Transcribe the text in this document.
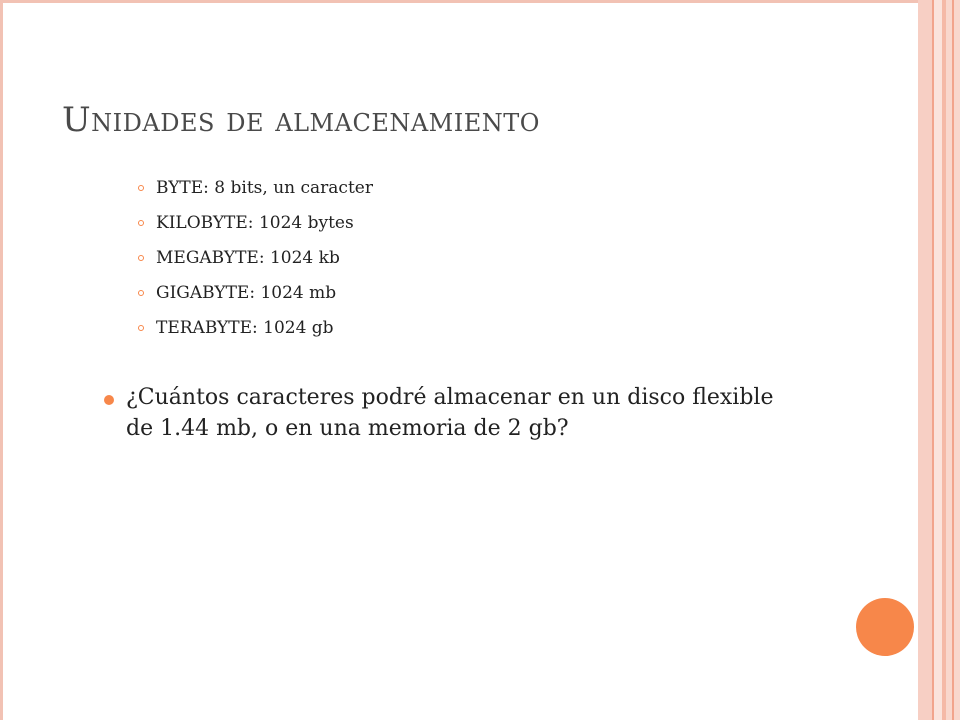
Unidades de almacenamiento
BYTE: 8 bits, un caracter
KILOBYTE: 1024 bytes
MEGABYTE: 1024 kb
GIGABYTE: 1024 mb
TERABYTE: 1024 gb

¿Cuántos caracteres podré almacenar en un disco flexible de 1.44 mb, o en una memoria de 2 gb?
